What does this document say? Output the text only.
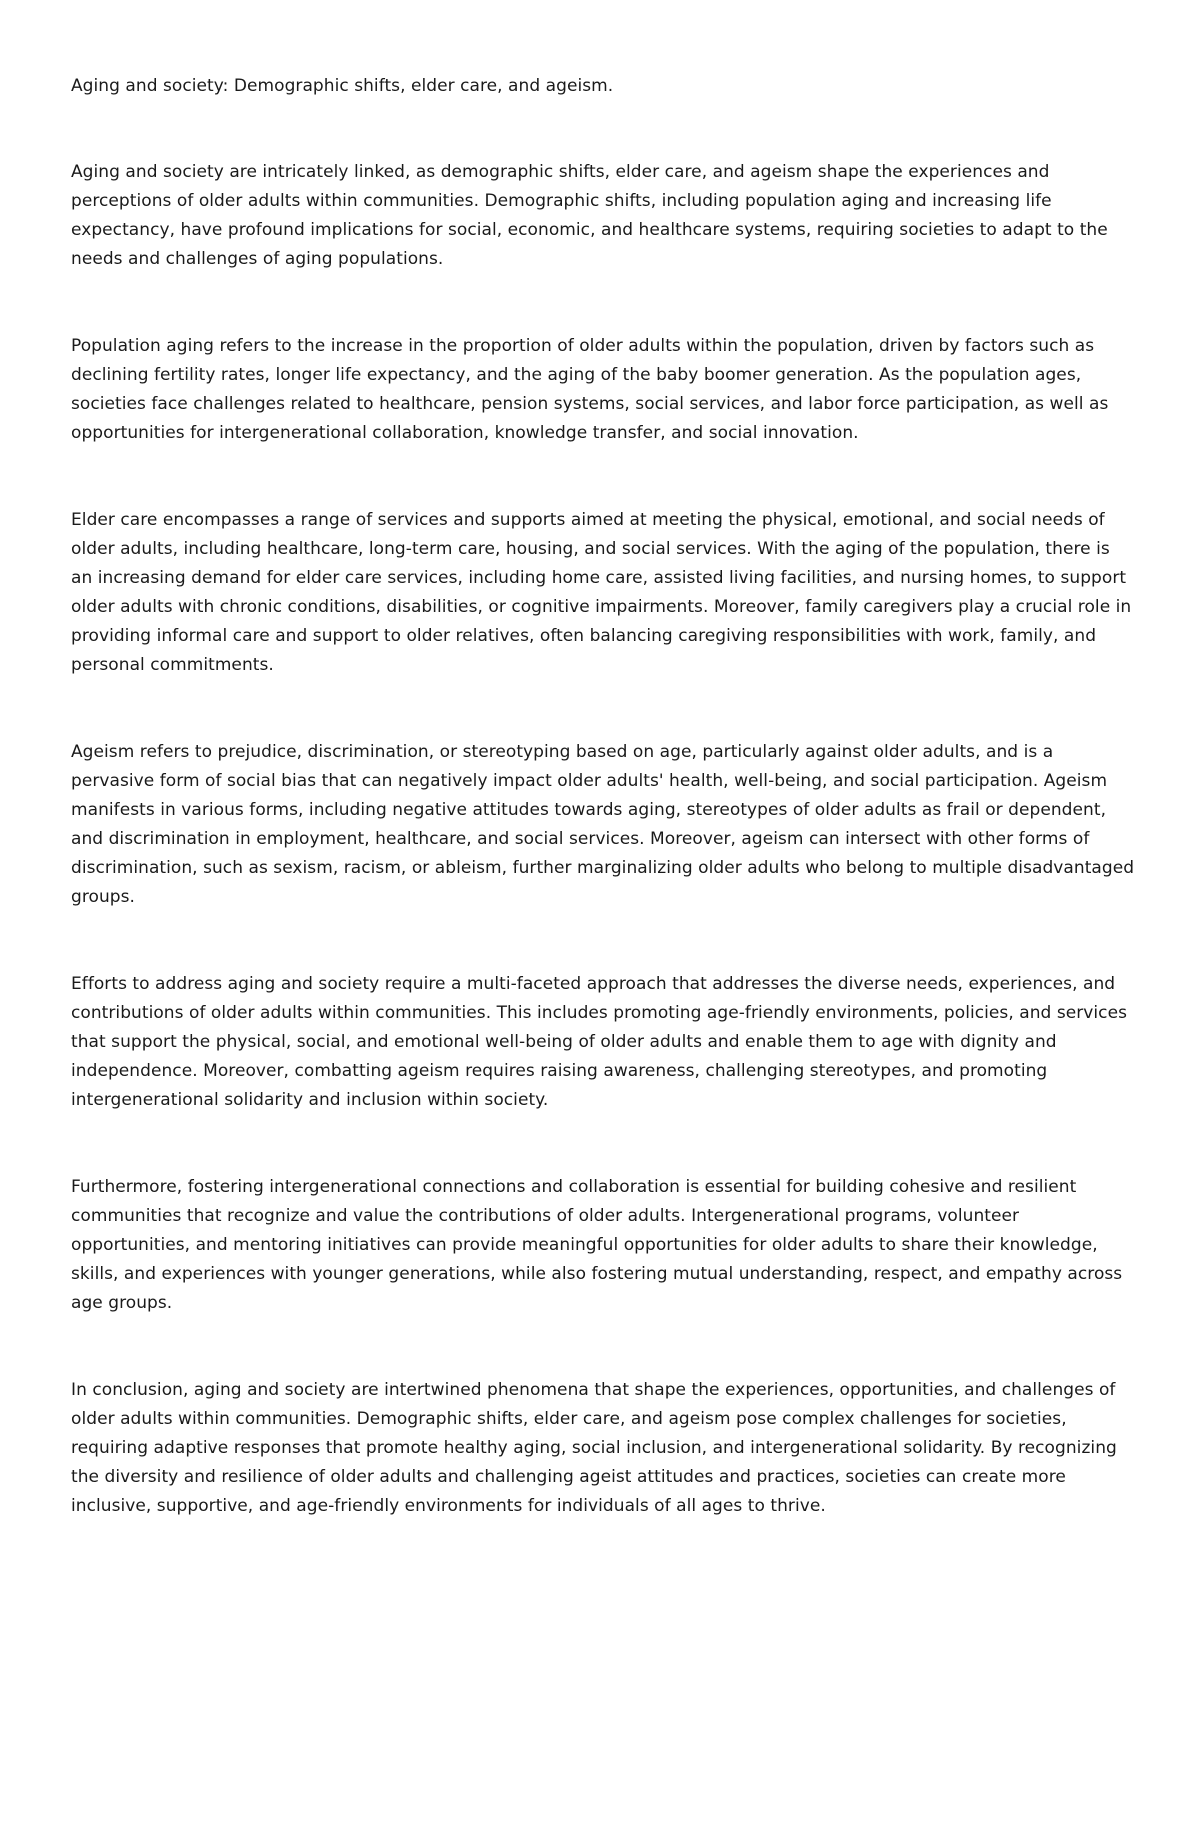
Aging and society: Demographic shifts, elder care, and ageism.

Aging and society are intricately linked, as demographic shifts, elder care, and ageism shape the experiences and perceptions of older adults within communities. Demographic shifts, including population aging and increasing life expectancy, have profound implications for social, economic, and healthcare systems, requiring societies to adapt to the needs and challenges of aging populations.

Population aging refers to the increase in the proportion of older adults within the population, driven by factors such as declining fertility rates, longer life expectancy, and the aging of the baby boomer generation. As the population ages, societies face challenges related to healthcare, pension systems, social services, and labor force participation, as well as opportunities for intergenerational collaboration, knowledge transfer, and social innovation.

Elder care encompasses a range of services and supports aimed at meeting the physical, emotional, and social needs of older adults, including healthcare, long-term care, housing, and social services. With the aging of the population, there is an increasing demand for elder care services, including home care, assisted living facilities, and nursing homes, to support older adults with chronic conditions, disabilities, or cognitive impairments. Moreover, family caregivers play a crucial role in providing informal care and support to older relatives, often balancing caregiving responsibilities with work, family, and personal commitments.

Ageism refers to prejudice, discrimination, or stereotyping based on age, particularly against older adults, and is a pervasive form of social bias that can negatively impact older adults' health, well-being, and social participation. Ageism manifests in various forms, including negative attitudes towards aging, stereotypes of older adults as frail or dependent, and discrimination in employment, healthcare, and social services. Moreover, ageism can intersect with other forms of discrimination, such as sexism, racism, or ableism, further marginalizing older adults who belong to multiple disadvantaged groups.

Efforts to address aging and society require a multi-faceted approach that addresses the diverse needs, experiences, and contributions of older adults within communities. This includes promoting age-friendly environments, policies, and services that support the physical, social, and emotional well-being of older adults and enable them to age with dignity and independence. Moreover, combatting ageism requires raising awareness, challenging stereotypes, and promoting intergenerational solidarity and inclusion within society.

Furthermore, fostering intergenerational connections and collaboration is essential for building cohesive and resilient communities that recognize and value the contributions of older adults. Intergenerational programs, volunteer opportunities, and mentoring initiatives can provide meaningful opportunities for older adults to share their knowledge, skills, and experiences with younger generations, while also fostering mutual understanding, respect, and empathy across age groups.

In conclusion, aging and society are intertwined phenomena that shape the experiences, opportunities, and challenges of older adults within communities. Demographic shifts, elder care, and ageism pose complex challenges for societies, requiring adaptive responses that promote healthy aging, social inclusion, and intergenerational solidarity. By recognizing the diversity and resilience of older adults and challenging ageist attitudes and practices, societies can create more inclusive, supportive, and age-friendly environments for individuals of all ages to thrive.
